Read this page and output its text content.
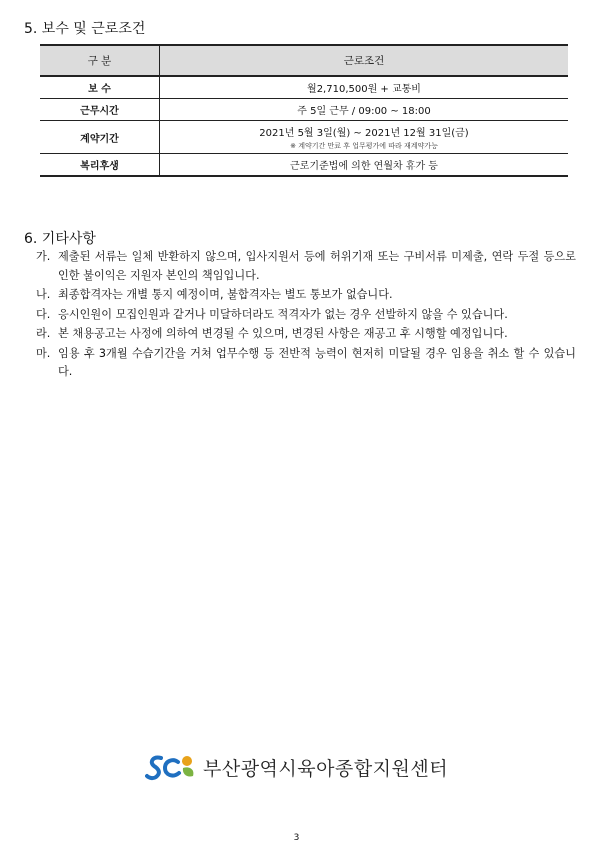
5. 보수 및 근로조건
구 분	근로조건
보 수	월2,710,500원 + 교통비
근무시간	주 5일 근무 / 09:00 ~ 18:00
계약기간	2021년 5월 3일(월) ~ 2021년 12월 31일(금)
※ 계약기간 만료 후 업무평가에 따라 재계약가능

복리후생	근로기준법에 의한 연월차 휴가 등
6. 기타사항
가. 제출된 서류는 일체 반환하지 않으며, 입사지원서 등에 허위기재 또는 구비서류 미제출, 연락 두절 등으로 인한 불이익은 지원자 본인의 책임입니다.
나. 최종합격자는 개별 통지 예정이며, 불합격자는 별도 통보가 없습니다.
다. 응시인원이 모집인원과 같거나 미달하더라도 적격자가 없는 경우 선발하지 않을 수 있습니다.
라. 본 채용공고는 사정에 의하여 변경될 수 있으며, 변경된 사항은 재공고 후 시행할 예정입니다.
마. 임용 후 3개월 수습기간을 거쳐 업무수행 등 전반적 능력이 현저히 미달될 경우 임용을 취소 할 수 있습니다.
부산광역시육아종합지원센터
3
